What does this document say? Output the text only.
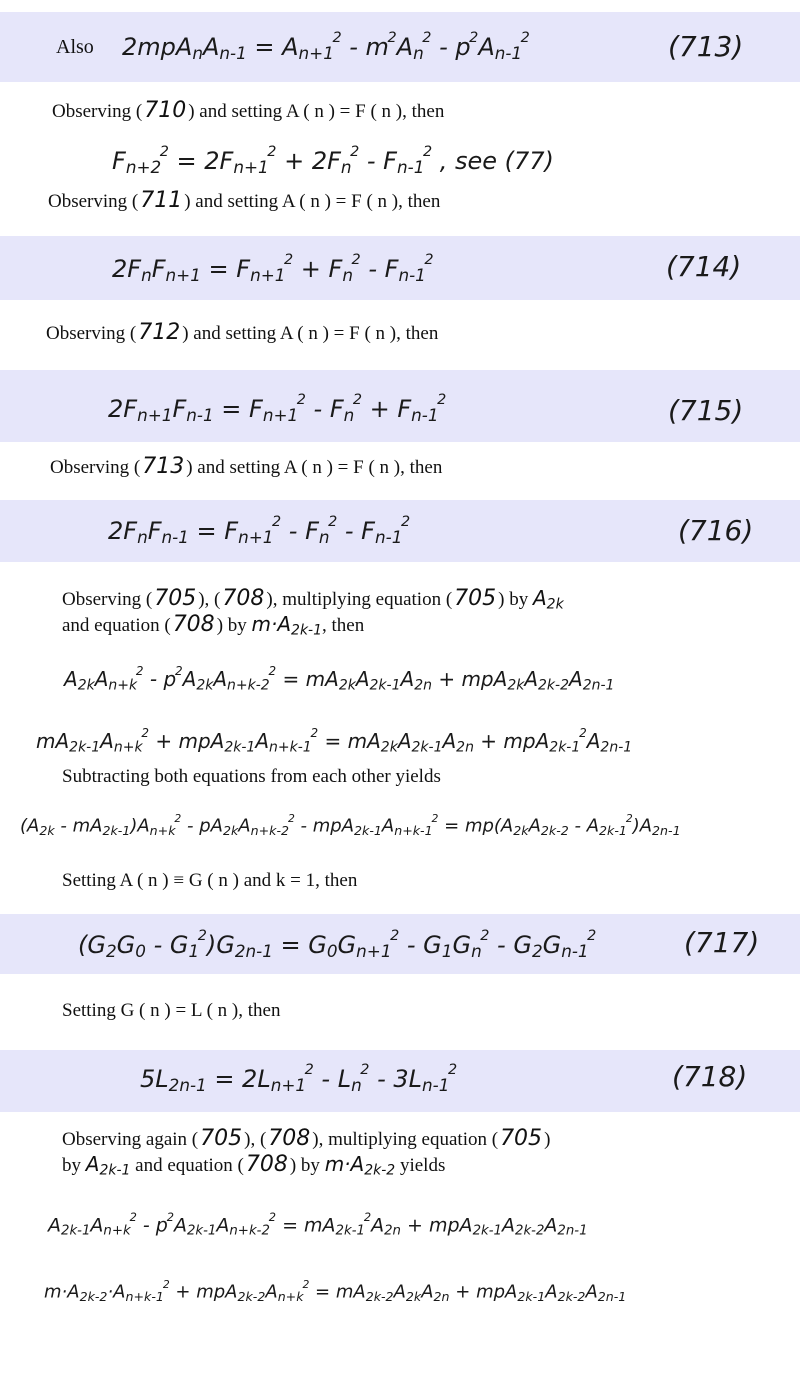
Also $2mpA_nA_{n-1} = A_{n+1}^2 - m^2A_n^2 - p^2A_{n-1}^2$	(713)
Observing (710 ) and setting A ( n ) = F ( n ), then
$F_{n+2}^2 = 2F_{n+1}^2 + 2F_n^2 - F_{n-1}^2$ , see (77)
Observing (711 ) and setting A ( n ) = F ( n ), then
$2F_nF_{n+1} = F_{n+1}^2 + F_n^2 - F_{n-1}^2$	(714)
Observing (712 ) and setting A ( n ) = F ( n ), then
$2F_{n+1}F_{n-1} = F_{n+1}^2 - F_n^2 + F_{n-1}^2$	(715)
Observing (713 ) and setting A ( n ) = F ( n ), then
$2F_nF_{n-1} = F_{n+1}^2 - F_n^2 - F_{n-1}^2$	(716)
Observing (705 ), (708 ), multiplying equation (705 ) by $A_{2k}$
and equation (708 ) by $m\cdot A_{2k-1}$, then
$A_{2k}A_{n+k}^2 - p^2A_{2k}A_{n+k-2}^2 = mA_{2k}A_{2k-1}A_{2n} + mpA_{2k}A_{2k-2}A_{2n-1}$
$mA_{2k-1}A_{n+k}^2 + mpA_{2k-1}A_{n+k-1}^2 = mA_{2k}A_{2k-1}A_{2n} + mpA_{2k-1}^2A_{2n-1}$
Subtracting both equations from each other yields
$(A_{2k} - mA_{2k-1})A_{n+k}^2 - pA_{2k}A_{n+k-2}^2 - mpA_{2k-1}A_{n+k-1}^2 = mp(A_{2k}A_{2k-2} - A_{2k-1}^2)A_{2n-1}$
Setting A ( n ) ≡ G ( n ) and k = 1, then
$(G_2G_0 - G_1^2)G_{2n-1} = G_0G_{n+1}^2 - G_1G_n^2 - G_2G_{n-1}^2$	(717)
Setting G ( n ) = L ( n ), then
$5L_{2n-1} = 2L_{n+1}^2 - L_n^2 - 3L_{n-1}^2$	(718)
Observing again (705 ), (708 ), multiplying equation (705 )
by $A_{2k-1}$ and equation (708 ) by $m\cdot A_{2k-2}$ yields
$A_{2k-1}A_{n+k}^2 - p^2A_{2k-1}A_{n+k-2}^2 = mA_{2k-1}^2A_{2n} + mpA_{2k-1}A_{2k-2}A_{2n-1}$
$m\cdot A_{2k-2}\cdot A_{n+k-1}^2 + mpA_{2k-2}A_{n+k}^2 = mA_{2k-2}A_{2k}A_{2n} + mpA_{2k-1}A_{2k-2}A_{2n-1}$
